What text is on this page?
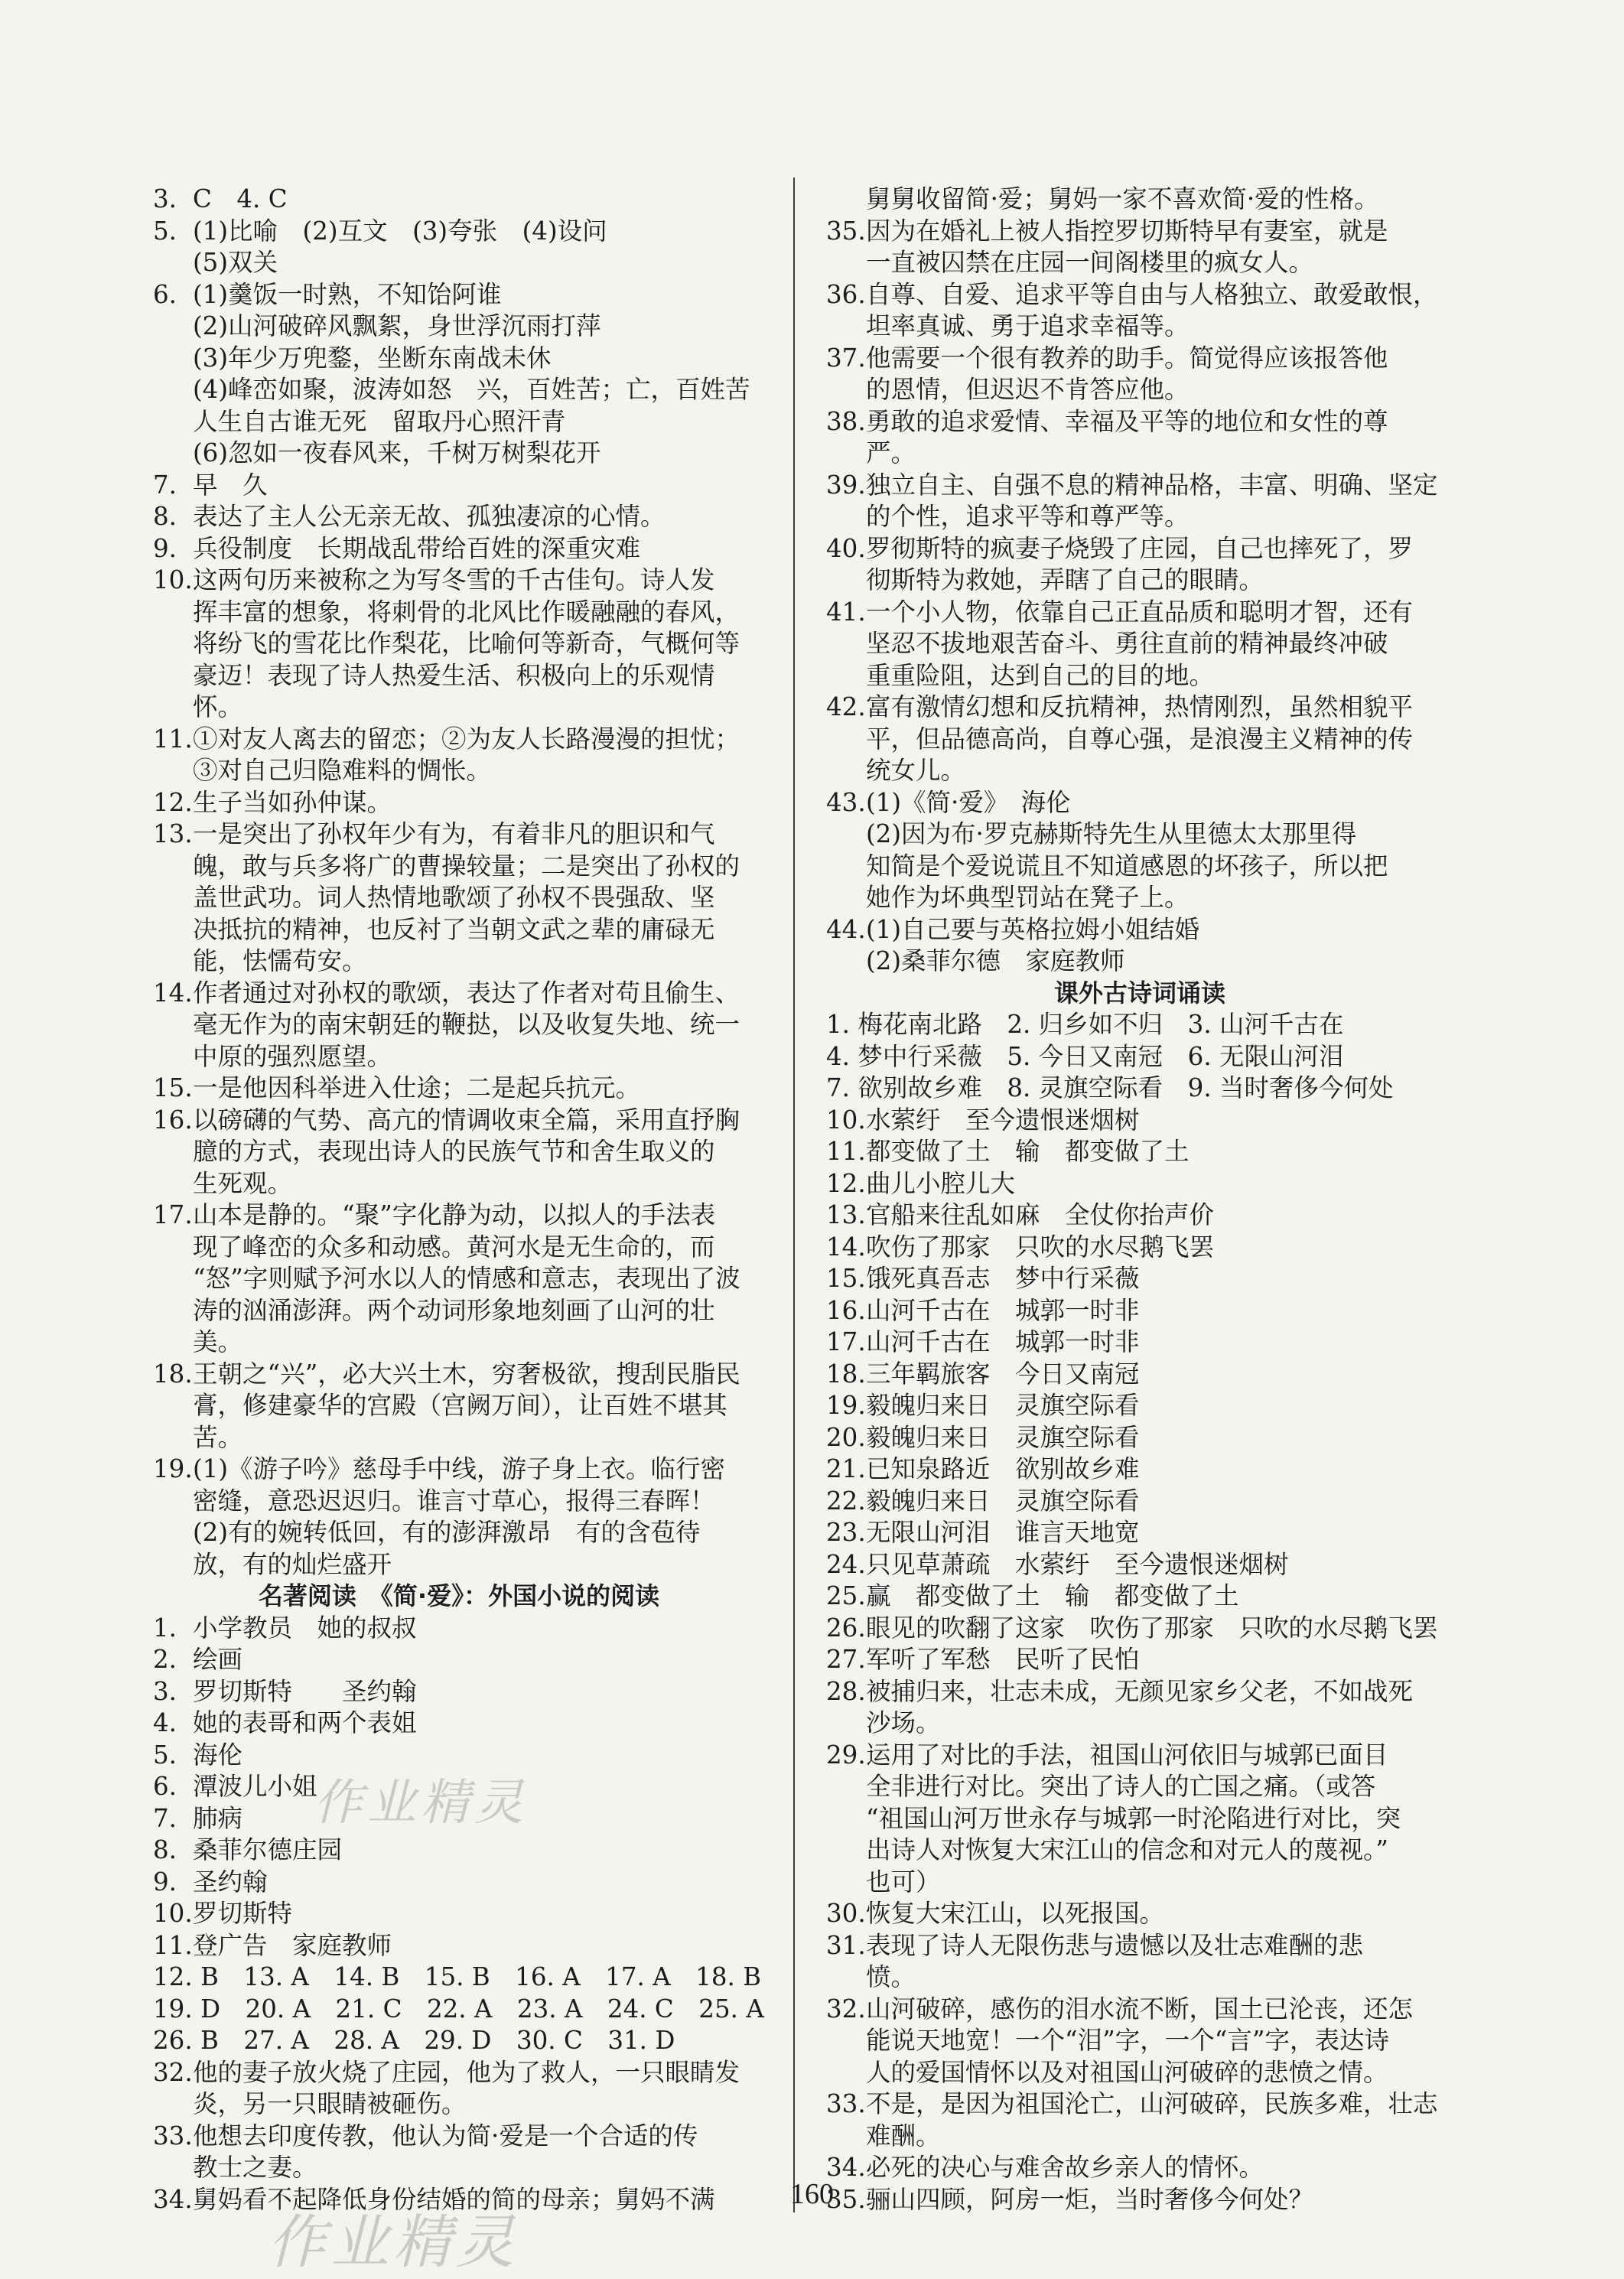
3. C　4. C
5. (1)比喻　(2)互文　(3)夸张　(4)设问
(5)双关
6. (1)羹饭一时熟，不知饴阿谁
(2)山河破碎风飘絮，身世浮沉雨打萍
(3)年少万兜鍪，坐断东南战未休
(4)峰峦如聚，波涛如怒　兴，百姓苦；亡，百姓苦
人生自古谁无死　留取丹心照汗青
(6)忽如一夜春风来，千树万树梨花开
7. 早　久
8. 表达了主人公无亲无故、孤独凄凉的心情。
9. 兵役制度　长期战乱带给百姓的深重灾难
10.这两句历来被称之为写冬雪的千古佳句。诗人发
挥丰富的想象，将刺骨的北风比作暖融融的春风，
将纷飞的雪花比作梨花，比喻何等新奇，气概何等
豪迈！表现了诗人热爱生活、积极向上的乐观情
怀。
11.①对友人离去的留恋；②为友人长路漫漫的担忧；
③对自己归隐难料的惆怅。
12.生子当如孙仲谋。
13.一是突出了孙权年少有为，有着非凡的胆识和气
魄，敢与兵多将广的曹操较量；二是突出了孙权的
盖世武功。词人热情地歌颂了孙权不畏强敌、坚
决抵抗的精神，也反衬了当朝文武之辈的庸碌无
能，怯懦苟安。
14.作者通过对孙权的歌颂，表达了作者对苟且偷生、
毫无作为的南宋朝廷的鞭挞，以及收复失地、统一
中原的强烈愿望。
15.一是他因科举进入仕途；二是起兵抗元。
16.以磅礴的气势、高亢的情调收束全篇，采用直抒胸
臆的方式，表现出诗人的民族气节和舍生取义的
生死观。
17.山本是静的。“聚”字化静为动，以拟人的手法表
现了峰峦的众多和动感。黄河水是无生命的，而
“怒”字则赋予河水以人的情感和意志，表现出了波
涛的汹涌澎湃。两个动词形象地刻画了山河的壮
美。
18.王朝之“兴”，必大兴土木，穷奢极欲，搜刮民脂民
膏，修建豪华的宫殿（宫阙万间），让百姓不堪其
苦。
19.(1)《游子吟》慈母手中线，游子身上衣。临行密
密缝，意恐迟迟归。谁言寸草心，报得三春晖！
(2)有的婉转低回，有的澎湃激昂　有的含苞待
放，有的灿烂盛开
名著阅读　《简·爱》：外国小说的阅读
1. 小学教员　她的叔叔
2. 绘画
3. 罗切斯特　　圣约翰
4. 她的表哥和两个表姐
5. 海伦
6. 潭波儿小姐
7. 肺病
8. 桑菲尔德庄园
9. 圣约翰
10.罗切斯特
11.登广告　家庭教师
12. B　13. A　14. B　15. B　16. A　17. A　18. B
19. D　20. A　21. C　22. A　23. A　24. C　25. A
26. B　27. A　28. A　29. D　30. C　31. D
32.他的妻子放火烧了庄园，他为了救人，一只眼睛发
炎，另一只眼睛被砸伤。
33.他想去印度传教，他认为简·爱是一个合适的传
教士之妻。
34.舅妈看不起降低身份结婚的简的母亲；舅妈不满
舅舅收留简·爱；舅妈一家不喜欢简·爱的性格。
35.因为在婚礼上被人指控罗切斯特早有妻室，就是
一直被囚禁在庄园一间阁楼里的疯女人。
36.自尊、自爱、追求平等自由与人格独立、敢爱敢恨，
坦率真诚、勇于追求幸福等。
37.他需要一个很有教养的助手。简觉得应该报答他
的恩情，但迟迟不肯答应他。
38.勇敢的追求爱情、幸福及平等的地位和女性的尊
严。
39.独立自主、自强不息的精神品格，丰富、明确、坚定
的个性，追求平等和尊严等。
40.罗彻斯特的疯妻子烧毁了庄园，自己也摔死了，罗
彻斯特为救她，弄瞎了自己的眼睛。
41.一个小人物，依靠自己正直品质和聪明才智，还有
坚忍不拔地艰苦奋斗、勇往直前的精神最终冲破
重重险阻，达到自己的目的地。
42.富有激情幻想和反抗精神，热情刚烈，虽然相貌平
平，但品德高尚，自尊心强，是浪漫主义精神的传
统女儿。
43.(1)《简·爱》　海伦
(2)因为布·罗克赫斯特先生从里德太太那里得
知简是个爱说谎且不知道感恩的坏孩子，所以把
她作为坏典型罚站在凳子上。
44.(1)自己要与英格拉姆小姐结婚
(2)桑菲尔德　家庭教师
课外古诗词诵读
1. 梅花南北路　2. 归乡如不归　3. 山河千古在
4. 梦中行采薇　5. 今日又南冠　6. 无限山河泪
7. 欲别故乡难　8. 灵旗空际看　9. 当时奢侈今何处
10.水萦纡　至今遗恨迷烟树
11.都变做了土　输　都变做了土
12.曲儿小腔儿大
13.官船来往乱如麻　全仗你抬声价
14.吹伤了那家　只吹的水尽鹅飞罢
15.饿死真吾志　梦中行采薇
16.山河千古在　城郭一时非
17.山河千古在　城郭一时非
18.三年羁旅客　今日又南冠
19.毅魄归来日　灵旗空际看
20.毅魄归来日　灵旗空际看
21.已知泉路近　欲别故乡难
22.毅魄归来日　灵旗空际看
23.无限山河泪　谁言天地宽
24.只见草萧疏　水萦纡　至今遗恨迷烟树
25.赢　都变做了土　输　都变做了土
26.眼见的吹翻了这家　吹伤了那家　只吹的水尽鹅飞罢
27.军听了军愁　民听了民怕
28.被捕归来，壮志未成，无颜见家乡父老，不如战死
沙场。
29.运用了对比的手法，祖国山河依旧与城郭已面目
全非进行对比。突出了诗人的亡国之痛。（或答
“祖国山河万世永存与城郭一时沦陷进行对比，突
出诗人对恢复大宋江山的信念和对元人的蔑视。”
也可）
30.恢复大宋江山，以死报国。
31.表现了诗人无限伤悲与遗憾以及壮志难酬的悲
愤。
32.山河破碎，感伤的泪水流不断，国土已沦丧，还怎
能说天地宽！一个“泪”字，一个“言”字，表达诗
人的爱国情怀以及对祖国山河破碎的悲愤之情。
33.不是，是因为祖国沦亡，山河破碎，民族多难，壮志
难酬。
34.必死的决心与难舍故乡亲人的情怀。
35.骊山四顾，阿房一炬，当时奢侈今何处？
作业精灵
作业精灵
160
